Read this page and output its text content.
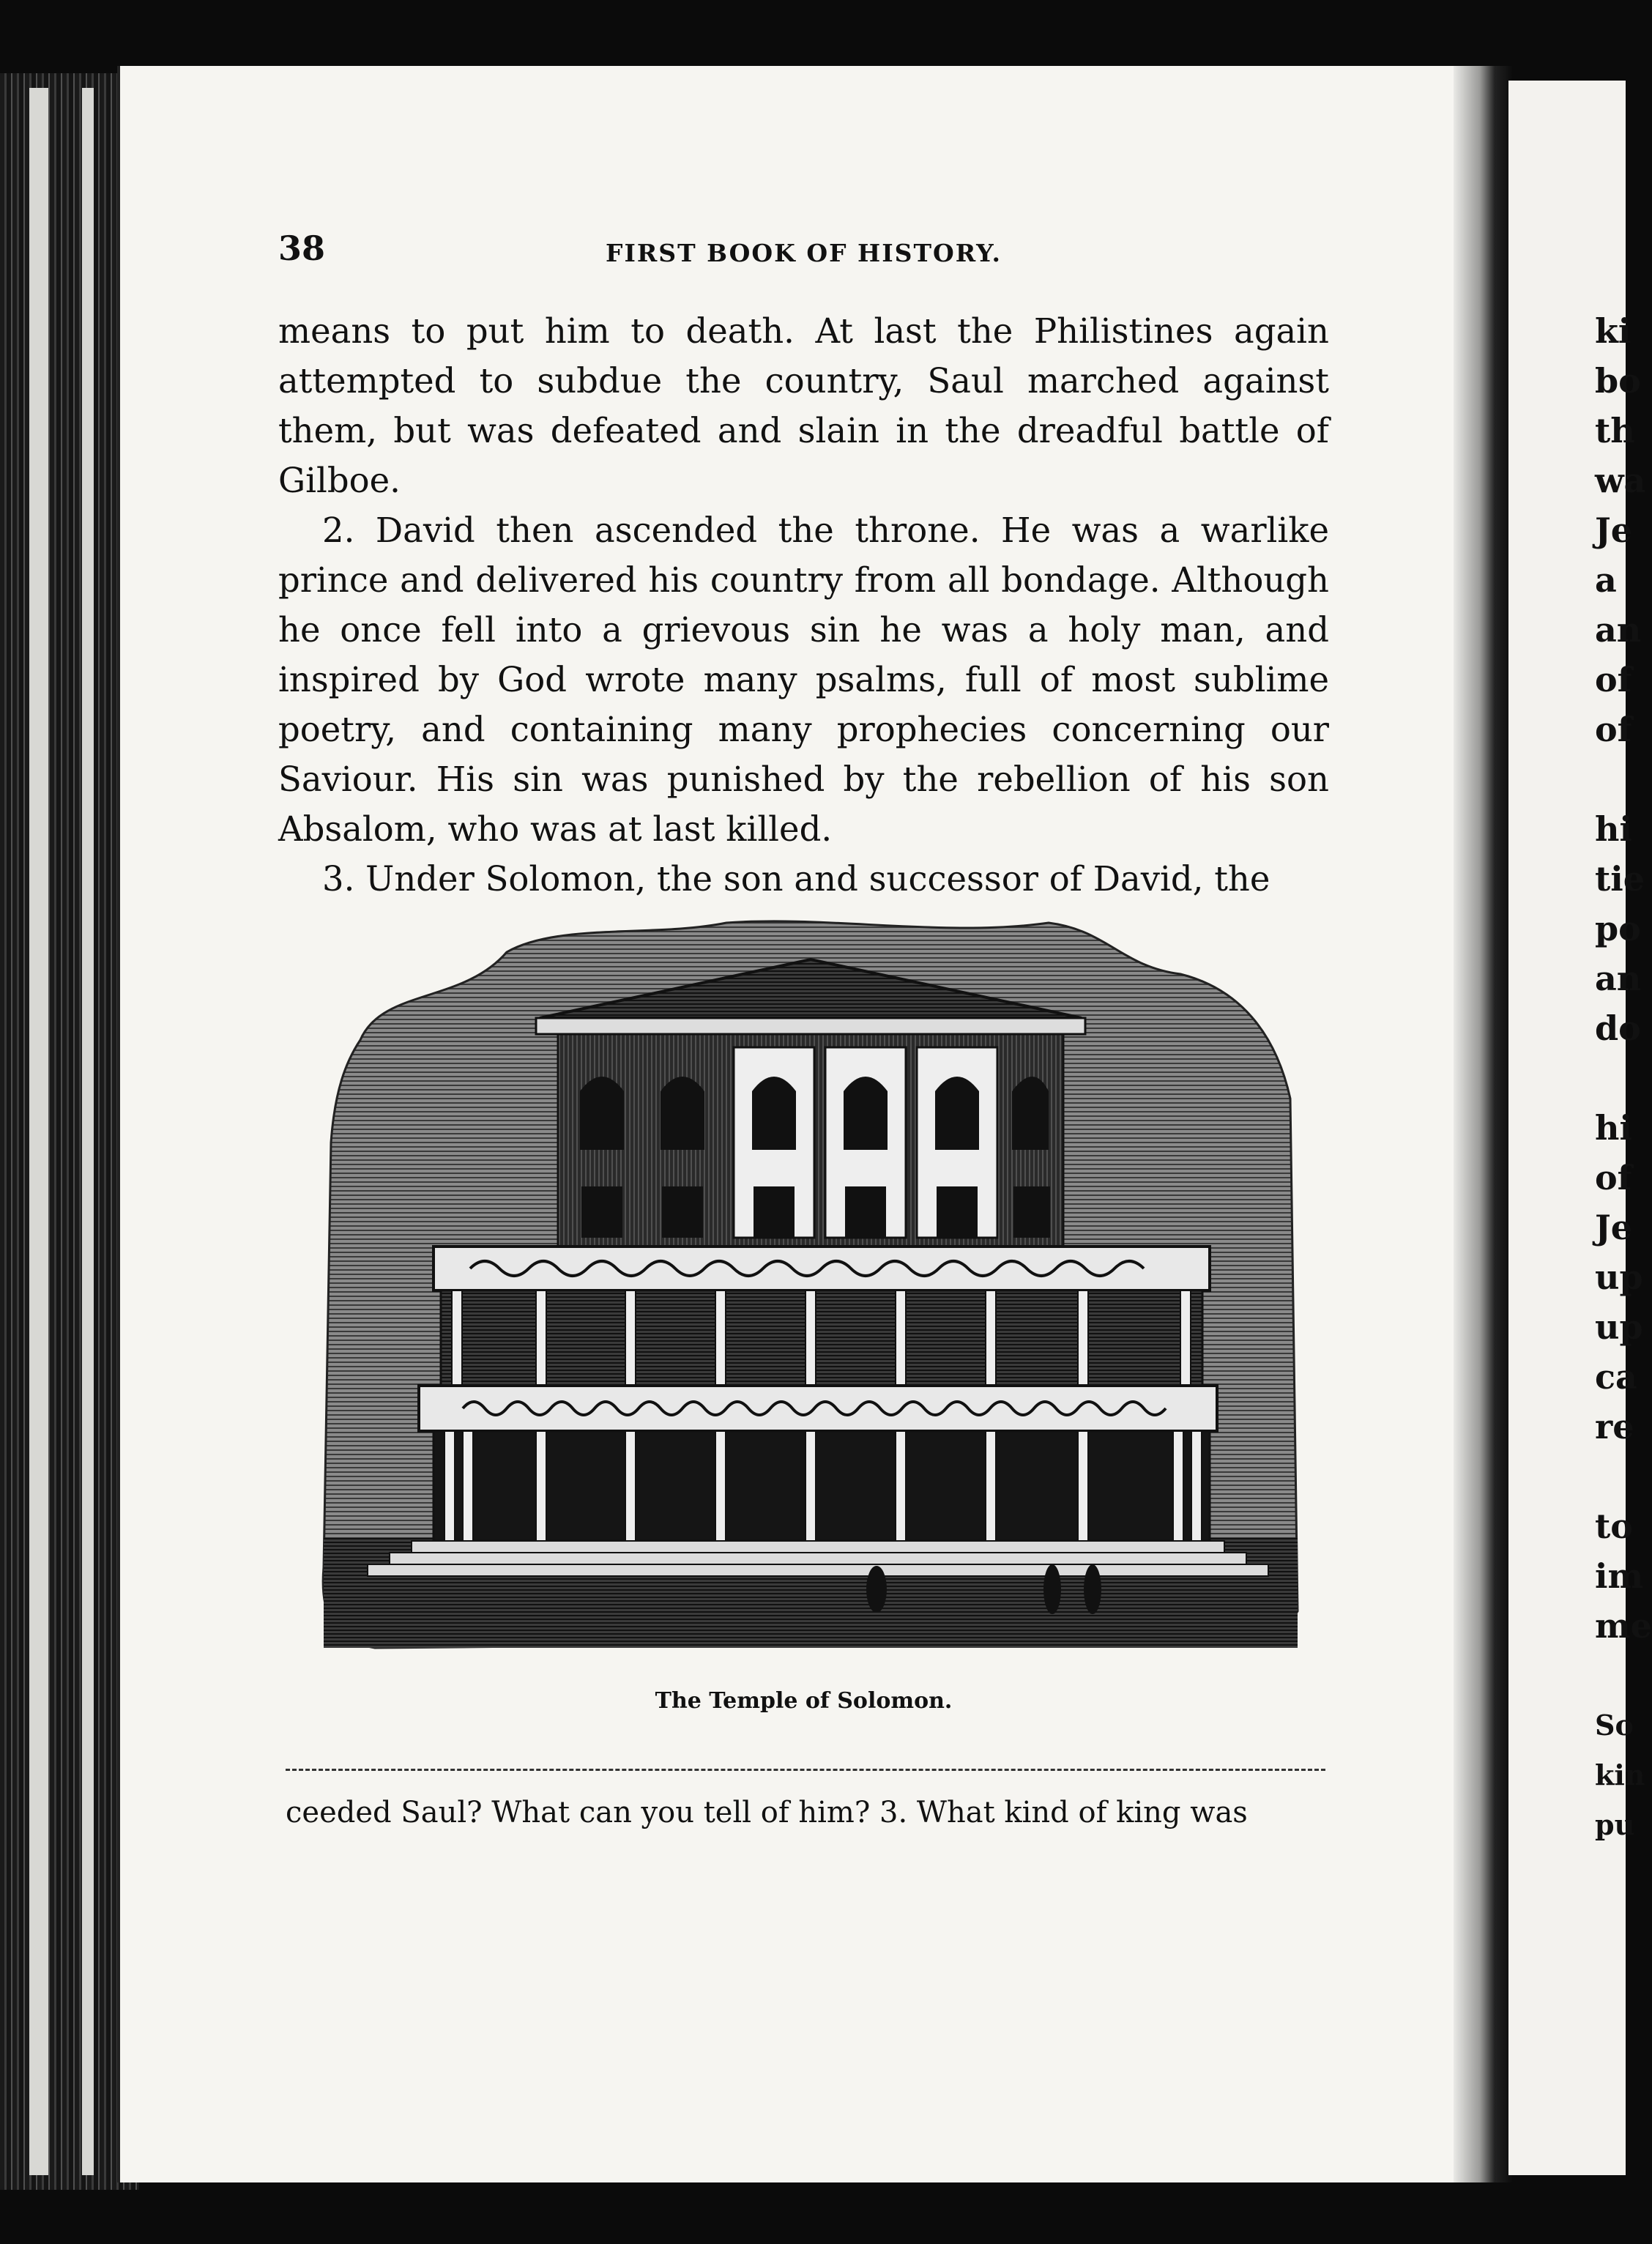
38	FIRST BOOK OF HISTORY.

means to put him to death. At last the Philistines again attempted to subdue the country, Saul marched against them, but was defeated and slain in the dreadful battle of Gilboe.

2. David then ascended the throne. He was a warlike prince and delivered his country from all bondage. Although he once fell into a grievous sin he was a holy man, and inspired by God wrote many psalms, full of most sublime poetry, and containing many prophecies concerning our Saviour. His sin was punished by the rebellion of his son Absalom, who was at last killed.

3. Under Solomon, the son and successor of David, the

The Temple of Solomon.
ceeded Saul? What can you tell of him? 3. What kind of king was
ki
bo
th
wa
Je
a
an
of
of
hi
tie
po
an
do
hi
of
Je
up
up
ca
re
to
im
me
So
kin
pu
